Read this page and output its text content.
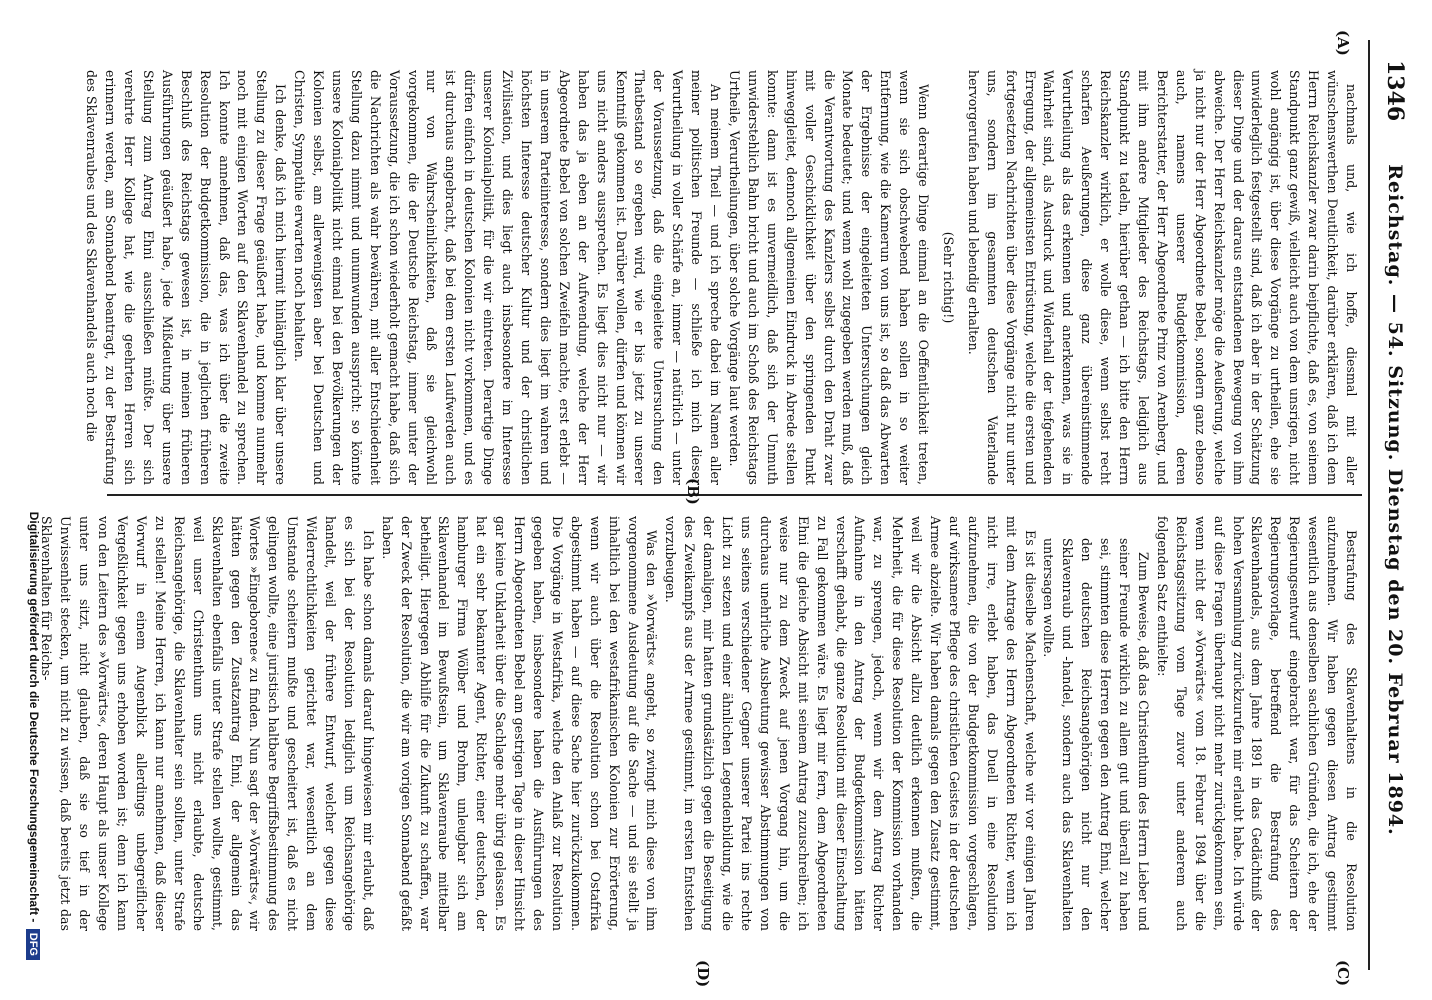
1346
Reichstag. — 54. Sitzung. Dienstag den 20. Februar 1894.
(A)
(B)
(C)
(D)

nachmals und, wie ich hoffe, diesmal mit aller wünschenswerthen Deutlichkeit, darüber erklären, daß ich dem Herrn Reichskanzler zwar darin beipflichte, daß es, von seinem Standpunkt ganz gewiß, vielleicht auch von dem unsrigen, nicht wohl angängig ist, über diese Vorgänge zu urtheilen, ehe sie unwiderleglich festgestellt sind, daß ich aber in der Schätzung dieser Dinge und der daraus entstandenen Bewegung von ihm abweiche. Der Herr Reichskanzler möge die Aeußerung, welche ja nicht nur der Herr Abgeordnete Bebel, sondern ganz ebenso auch, namens unserer Budgetkommission, deren Berichterstatter, der Herr Abgeordnete Prinz von Arenberg, und mit ihm andere Mitglieder des Reichstags, lediglich aus Standpunkt zu tadeln, hierüber gethan — ich bitte den Herrn Reichskanzler wirklich, er wolle diese, wenn selbst recht scharfen Aeußerungen, diese ganz übereinstimmende Verurtheilung als das erkennen und anerkennen, was sie in Wahrheit sind, als Ausdruck und Widerhall der tiefgehenden Erregung, der allgemeinsten Entrüstung, welche die ersten und fortgesetzten Nachrichten über diese Vorgänge nicht nur unter uns, sondern im gesammten deutschen Vaterlande hervorgerufen haben und lebendig erhalten.

(Sehr richtig!)

Wenn derartige Dinge einmal an die Oeffentlichkeit treten, wenn sie sich obschwebend haben sollen in so weiter Entfernung, wie die Kamerun von uns ist, so daß das Abwarten der Ergebnisse der eingeleiteten Untersuchungen gleich Monate bedeutet; und wenn wohl zugegeben werden muß, daß die Verantwortung des Kanzlers selbst durch den Draht zwar mit voller Geschicklichkeit über den springenden Punkt hinweggleitet, dennoch allgemeinen Eindruck in Abrede stellen konnte: dann ist es unvermeidlich, daß sich der Unmuth unwiderstehlich Bahn bricht und auch im Schoß des Reichstags Urtheile, Verurtheilungen, über solche Vorgänge laut werden.

An meinem Theil — und ich spreche dabei im Namen aller meiner politischen Freunde — schließe ich mich dieser Verurtheilung in voller Schärfe an, immer — natürlich — unter der Voraussetzung, daß die eingeleitete Untersuchung den Thatbestand so ergeben wird, wie er bis jetzt zu unserer Kenntniß gekommen ist. Darüber wollen, dürfen und können wir uns nicht anders aussprechen. Es liegt dies nicht nur — wir haben das ja eben an der Aufwendung, welche der Herr Abgeordnete Bebel von solchen Zweifeln machte, erst erlebt — in unserem Parteiinteresse, sondern dies liegt im wahren und höchsten Interesse deutscher Kultur und der christlichen Zivilisation, und dies liegt auch insbesondere im Interesse unserer Kolonialpolitik, für die wir eintreten. Derartige Dinge dürfen einfach in deutschen Kolonien nicht vorkommen, und es ist durchaus angebracht, daß bei dem ersten Laufwerden auch nur von Wahrscheinlichkeiten, daß sie gleichwohl vorgekommen, die der Deutsche Reichstag, immer unter der Voraussetzung, die ich schon wiederholt gemacht habe, daß sich die Nachrichten als wahr bewähren, mit aller Entschiedenheit Stellung dazu nimmt und unumwunden ausspricht: so könnte unsere Kolonialpolitik nicht einmal bei den Bevölkerungen der Kolonien selbst, am allerwenigsten aber bei Deutschen und Christen, Sympathie erwarten noch behalten.

Ich denke, daß ich mich hiermit hinlänglich klar über unsere Stellung zu dieser Frage geäußert habe, und komme nunmehr noch mit einigen Worten auf den Sklavenhandel zu sprechen. Ich konnte annehmen, daß das, was ich über die zweite Resolution der Budgetkommission, die in jeglichen früheren Beschluß des Reichstags gewesen ist, in meinen früheren Ausführungen geäußert habe, jede Mißdeutung über unsere Stellung zum Antrag Ehni ausschließen müßte. Der sich verehrte Herr Kollege hat, wie die geehrten Herren sich erinnern werden, am Sonnabend beantragt, zu der Bestrafung des Sklavenraubes und des Sklavenhandels auch noch die

Bestrafung des Sklavenhaltens in die Resolution aufzunehmen. Wir haben gegen diesen Antrag gestimmt wesentlich aus denselben sachlichen Gründen, die ich, ehe der Regierungsentwurf eingebracht war, für das Scheitern der Regierungsvorlage, betreffend die Bestrafung des Sklavenhandels, aus dem Jahre 1891 in das Gedächtniß der hohen Versammlung zurückzurufen mir erlaubt habe. Ich würde auf diese Fragen überhaupt nicht mehr zurückgekommen sein, wenn nicht der »Vorwärts« vom 18. Februar 1894 über die Reichstagssitzung vom Tage zuvor unter anderem auch folgenden Satz enthielte:

Zum Beweise, daß das Christenthum des Herrn Lieber und seiner Freunde wirklich zu allem gut und überall zu haben sei, stimmten diese Herren gegen den Antrag Ehni, welcher den deutschen Reichsangehörigen nicht nur den Sklavenraub und -handel, sondern auch das Sklavenhalten untersagen wollte.

Es ist dieselbe Machenschaft, welche wir vor einigen Jahren mit dem Antrage des Herrn Abgeordneten Richter, wenn ich nicht irre, erlebt haben, das Duell in eine Resolution aufzunehmen, die von der Budgetkommission vorgeschlagen, auf wirksamere Pflege des christlichen Geistes in der deutschen Armee abzielte. Wir haben damals gegen den Zusatz gestimmt, weil wir die Absicht allzu deutlich erkennen mußten, die Mehrheit, die für diese Resolution der Kommission vorhanden war, zu sprengen, jedoch, wenn wir dem Antrag Richter Aufnahme in den Antrag der Budgetkommission hätten verschafft gehabt, die ganze Resolution mit dieser Einschaltung zu Fall gekommen wäre. Es liegt mir fern, dem Abgeordneten Ehni die gleiche Absicht mit seinem Antrag zuzuschreiben; ich weise nur zu dem Zweck auf jenen Vorgang hin, um die durchaus unehrliche Ausbeutung gewisser Abstimmungen von uns seitens verschiedener Gegner unserer Partei ins rechte Licht zu setzen und einer ähnlichen Legendenbildung, wie die der damaligen, mir hatten grundsätzlich gegen die Beseitigung des Zweikampfs aus der Armee gestimmt, im ersten Entstehen vorzubeugen.

Was den »Vorwärts« angeht, so zwingt mich diese von ihm vorgenommene Ausdeutung auf die Sache — und sie stellt ja inhaltlich bei den westafrikanischen Kolonien zur Erörterung, wenn wir auch über die Resolution schon bei Ostafrika abgestimmt haben — auf diese Sache hier zurückzukommen. Die Vorgänge in Westafrika, welche den Anlaß zur Resolution gegeben haben, insbesondere haben die Ausführungen des Herrn Abgeordneten Bebel am gestrigen Tage in dieser Hinsicht gar keine Unklarheit über die Sachlage mehr übrig gelassen. Es hat ein sehr bekannter Agent, Richter, einer deutschen, der hamburger Firma Wölber und Brohm, unleugbar sich am Sklavenhandel im Bewußtsein, um Sklavenraube mittelbar betheiligt. Hiergegen Abhilfe für die Zukunft zu schaffen, war der Zweck der Resolution, die wir am vorigen Sonnabend gefaßt haben.

Ich habe schon damals darauf hingewiesen mir erlaubt, daß es sich bei der Resolution lediglich um Reichsangehörige handelt, weil der frühere Entwurf, welcher gegen diese Widerrechtlichkeiten gerichtet war, wesentlich an dem Umstande scheitern mußte und gescheitert ist, daß es nicht gelingen wollte, eine juristisch haltbare Begriffsbestimmung des Wortes »Eingeborene« zu finden. Nun sagt der »Vorwärts«, wir hätten gegen den Zusatzantrag Ehni, der allgemein das Sklavenhalten ebenfalls unter Strafe stellen wollte, gestimmt, weil unser Christenthum uns nicht erlaubte, deutsche Reichsangehörige, die Sklavenhalter sein sollten, unter Strafe zu stellen! Meine Herren, ich kann nur annehmen, daß dieser Vorwurf in einem Augenblick allerdings unbegreiflicher Vergeßlichkeit gegen uns erhoben worden ist; denn ich kann von den Leitern des »Vorwärts«, deren Haupt als unser Kollege unter uns sitzt, nicht glauben, daß sie so tief in der Unwissenheit stecken, um nicht zu wissen, daß bereits jetzt das Sklavenhalten für Reichs-

Digitalisierung gefördert durch die Deutsche Forschungsgemeinschaft - DFG
